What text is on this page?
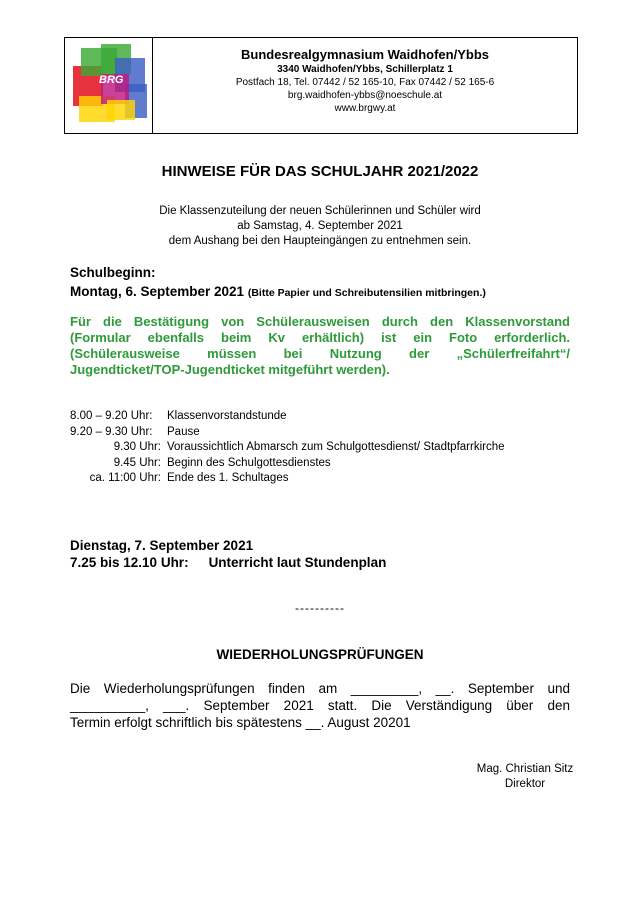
BRG
Bundesrealgymnasium Waidhofen/Ybbs
3340 Waidhofen/Ybbs, Schillerplatz 1
Postfach 18, Tel. 07442 / 52 165-10, Fax 07442 / 52 165-6
brg.waidhofen-ybbs@noeschule.at
www.brgwy.at
HINWEISE FÜR DAS SCHULJAHR 2021/2022
Die Klassenzuteilung der neuen Schülerinnen und Schüler wird
ab Samstag, 4. September 2021
dem Aushang bei den Haupteingängen zu entnehmen sein.
Schulbeginn:
Montag, 6. September 2021 (Bitte Papier und Schreibutensilien mitbringen.)
Für die Bestätigung von Schülerausweisen durch den Klassenvorstand
(Formular ebenfalls beim Kv erhältlich) ist ein Foto erforderlich.
(Schülerausweise müssen bei Nutzung der „Schülerfreifahrt“/
Jugendticket/TOP-Jugendticket mitgeführt werden).
8.00 – 9.20 Uhr:	Klassenvorstandstunde
9.20 – 9.30 Uhr:	Pause
9.30 Uhr: Voraussichtlich Abmarsch zum Schulgottesdienst/ Stadtpfarrkirche
9.45 Uhr: Beginn des Schulgottesdienstes
ca. 11:00 Uhr: Ende des 1. Schultages
Dienstag, 7. September 2021
7.25 bis 12.10 Uhr: Unterricht laut Stundenplan
----------
WIEDERHOLUNGSPRÜFUNGEN
Die Wiederholungsprüfungen finden am _________, __. September und
__________, ___. September 2021 statt. Die Verständigung über den
Termin erfolgt schriftlich bis spätestens __. August 20201
Mag. Christian Sitz
Direktor
